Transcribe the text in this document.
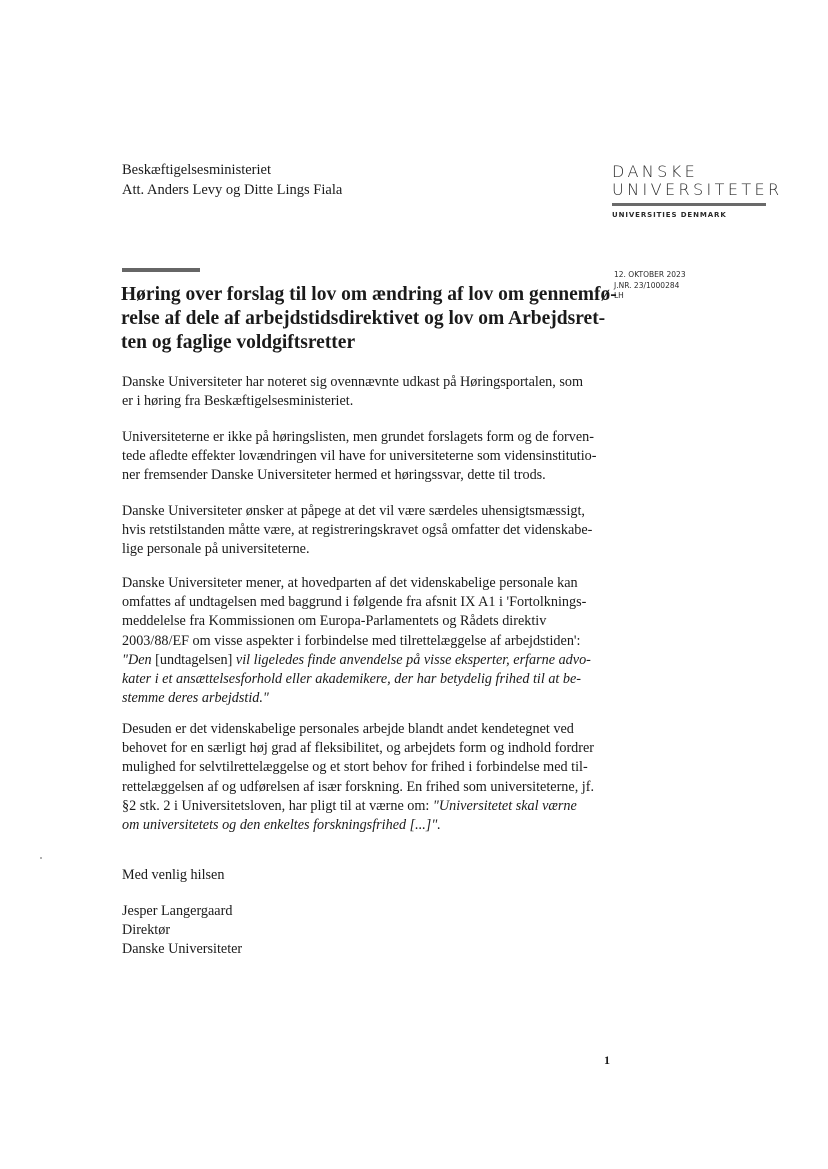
Beskæftigelsesministeriet
Att. Anders Levy og Ditte Lings Fiala
DANSKE
UNIVERSITETER
UNIVERSITIES DENMARK
12. OKTOBER 2023
J.NR. 23/1000284
LH
Høring over forslag til lov om ændring af lov om gennemfø-
relse af dele af arbejdstidsdirektivet og lov om Arbejdsret-
ten og faglige voldgiftsretter
Danske Universiteter har noteret sig ovennævnte udkast på Høringsportalen, som
er i høring fra Beskæftigelsesministeriet.
Universiteterne er ikke på høringslisten, men grundet forslagets form og de forven-
tede afledte effekter lovændringen vil have for universiteterne som vidensinstitutio-
ner fremsender Danske Universiteter hermed et høringssvar, dette til trods.
Danske Universiteter ønsker at påpege at det vil være særdeles uhensigtsmæssigt,
hvis retstilstanden måtte være, at registreringskravet også omfatter det videnskabe-
lige personale på universiteterne.
Danske Universiteter mener, at hovedparten af det videnskabelige personale kan
omfattes af undtagelsen med baggrund i følgende fra afsnit IX A1 i 'Fortolknings-
meddelelse fra Kommissionen om Europa-Parlamentets og Rådets direktiv
2003/88/EF om visse aspekter i forbindelse med tilrettelæggelse af arbejdstiden':
"Den [undtagelsen] vil ligeledes finde anvendelse på visse eksperter, erfarne advo-
kater i et ansættelsesforhold eller akademikere, der har betydelig frihed til at be-
stemme deres arbejdstid."
Desuden er det videnskabelige personales arbejde blandt andet kendetegnet ved
behovet for en særligt høj grad af fleksibilitet, og arbejdets form og indhold fordrer
mulighed for selvtilrettelæggelse og et stort behov for frihed i forbindelse med til-
rettelæggelsen af og udførelsen af især forskning. En frihed som universiteterne, jf.
§2 stk. 2 i Universitetsloven, har pligt til at værne om: "Universitetet skal værne
om universitetets og den enkeltes forskningsfrihed [...]".
Med venlig hilsen
Jesper Langergaard
Direktør
Danske Universiteter
1
